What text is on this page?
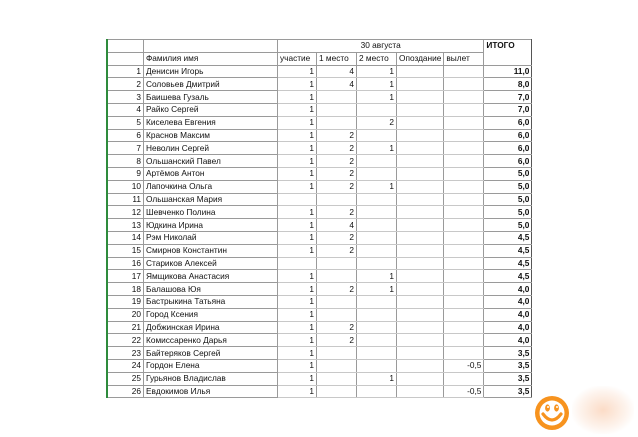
		30 августа					ИТОГО
	Фамилия имя	участие	1 место	2 место	Опоздание	вылет	
1	Денисин Игорь	1	4	1			11,0
2	Соловьев Дмитрий	1	4	1			8,0
3	Баишева Гузаль	1		1			7,0
4	Райко Сергей	1					7,0
5	Киселева Евгения	1		2			6,0
6	Краснов Максим	1	2				6,0
7	Неволин Сергей	1	2	1			6,0
8	Ольшанский Павел	1	2				6,0
9	Артёмов Антон	1	2				5,0
10	Лапочкина Ольга	1	2	1			5,0
11	Ольшанская Мария						5,0
12	Шевченко Полина	1	2				5,0
13	Юдкина Ирина	1	4				5,0
14	Рэм Николай	1	2				4,5
15	Смирнов Константин	1	2				4,5
16	Стариков Алексей						4,5
17	Ямщикова Анастасия	1		1			4,5
18	Балашова Юя	1	2	1			4,0
19	Бастрыкина Татьяна	1					4,0
20	Город Ксения	1					4,0
21	Добжинская Ирина	1	2				4,0
22	Комиссаренко Дарья	1	2				4,0
23	Байтеряков Сергей	1					3,5
24	Гордон Елена	1				-0,5	3,5
25	Гурьянов Владислав	1		1			3,5
26	Евдокимов Илья	1				-0,5	3,5
